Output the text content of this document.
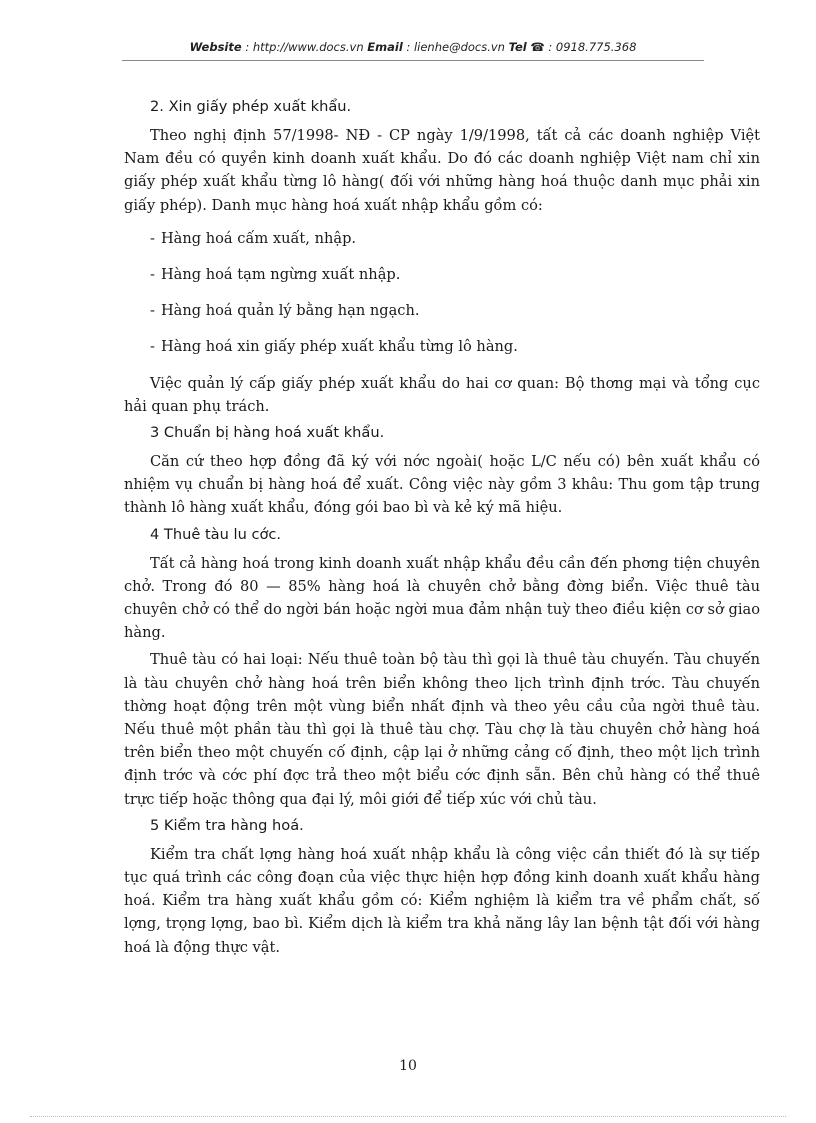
Website : http://www.docs.vn Email : lienhe@docs.vn Tel ☎ : 0918.775.368
2. Xin giấy phép xuất khẩu.

Theo nghị định 57/1998- NĐ - CP ngày 1/9/1998, tất cả các doanh nghiệp Việt Nam đều có quyền kinh doanh xuất khẩu. Do đó các doanh nghiệp Việt nam chỉ xin giấy phép xuất khẩu từng lô hàng( đối với những hàng hoá thuộc danh mục phải xin giấy phép). Danh mục hàng hoá xuất nhập khẩu gồm có:

- Hàng hoá cấm xuất, nhập.

- Hàng hoá tạm ngừng xuất nhập.

- Hàng hoá quản lý bằng hạn ngạch.

- Hàng hoá xin giấy phép xuất khẩu từng lô hàng.

Việc quản lý cấp giấy phép xuất khẩu do hai cơ quan: Bộ thơng mại và tổng cục hải quan phụ trách.

3 Chuẩn bị hàng hoá xuất khẩu.

Căn cứ theo hợp đồng đã ký với nớc ngoài( hoặc L/C nếu có) bên xuất khẩu có nhiệm vụ chuẩn bị hàng hoá để xuất. Công việc này gồm 3 khâu: Thu gom tập trung thành lô hàng xuất khẩu, đóng gói bao bì và kẻ ký mã hiệu.

4 Thuê tàu lu cớc.

Tất cả hàng hoá trong kinh doanh xuất nhập khẩu đều cần đến phơng tiện chuyên chở. Trong đó 80 — 85% hàng hoá là chuyên chở bằng đờng biển. Việc thuê tàu chuyên chở có thể do ngời bán hoặc ngời mua đảm nhận tuỳ theo điều kiện cơ sở giao hàng.

Thuê tàu có hai loại: Nếu thuê toàn bộ tàu thì gọi là thuê tàu chuyến. Tàu chuyến là tàu chuyên chở hàng hoá trên biển không theo lịch trình định trớc. Tàu chuyến thờng hoạt động trên một vùng biển nhất định và theo yêu cầu của ngời thuê tàu. Nếu thuê một phần tàu thì gọi là thuê tàu chợ. Tàu chợ là tàu chuyên chở hàng hoá trên biển theo một chuyến cố định, cập lại ở những cảng cố định, theo một lịch trình định trớc và cớc phí đợc trả theo một biểu cớc định sẵn. Bên chủ hàng có thể thuê trực tiếp hoặc thông qua đại lý, môi giới để tiếp xúc với chủ tàu.

5 Kiểm tra hàng hoá.

Kiểm tra chất lợng hàng hoá xuất nhập khẩu là công việc cần thiết đó là sự tiếp tục quá trình các công đoạn của việc thực hiện hợp đồng kinh doanh xuất khẩu hàng hoá. Kiểm tra hàng xuất khẩu gồm có: Kiểm nghiệm là kiểm tra về phẩm chất, số lợng, trọng lợng, bao bì. Kiểm dịch là kiểm tra khả năng lây lan bệnh tật đối với hàng hoá là động thực vật.

10
